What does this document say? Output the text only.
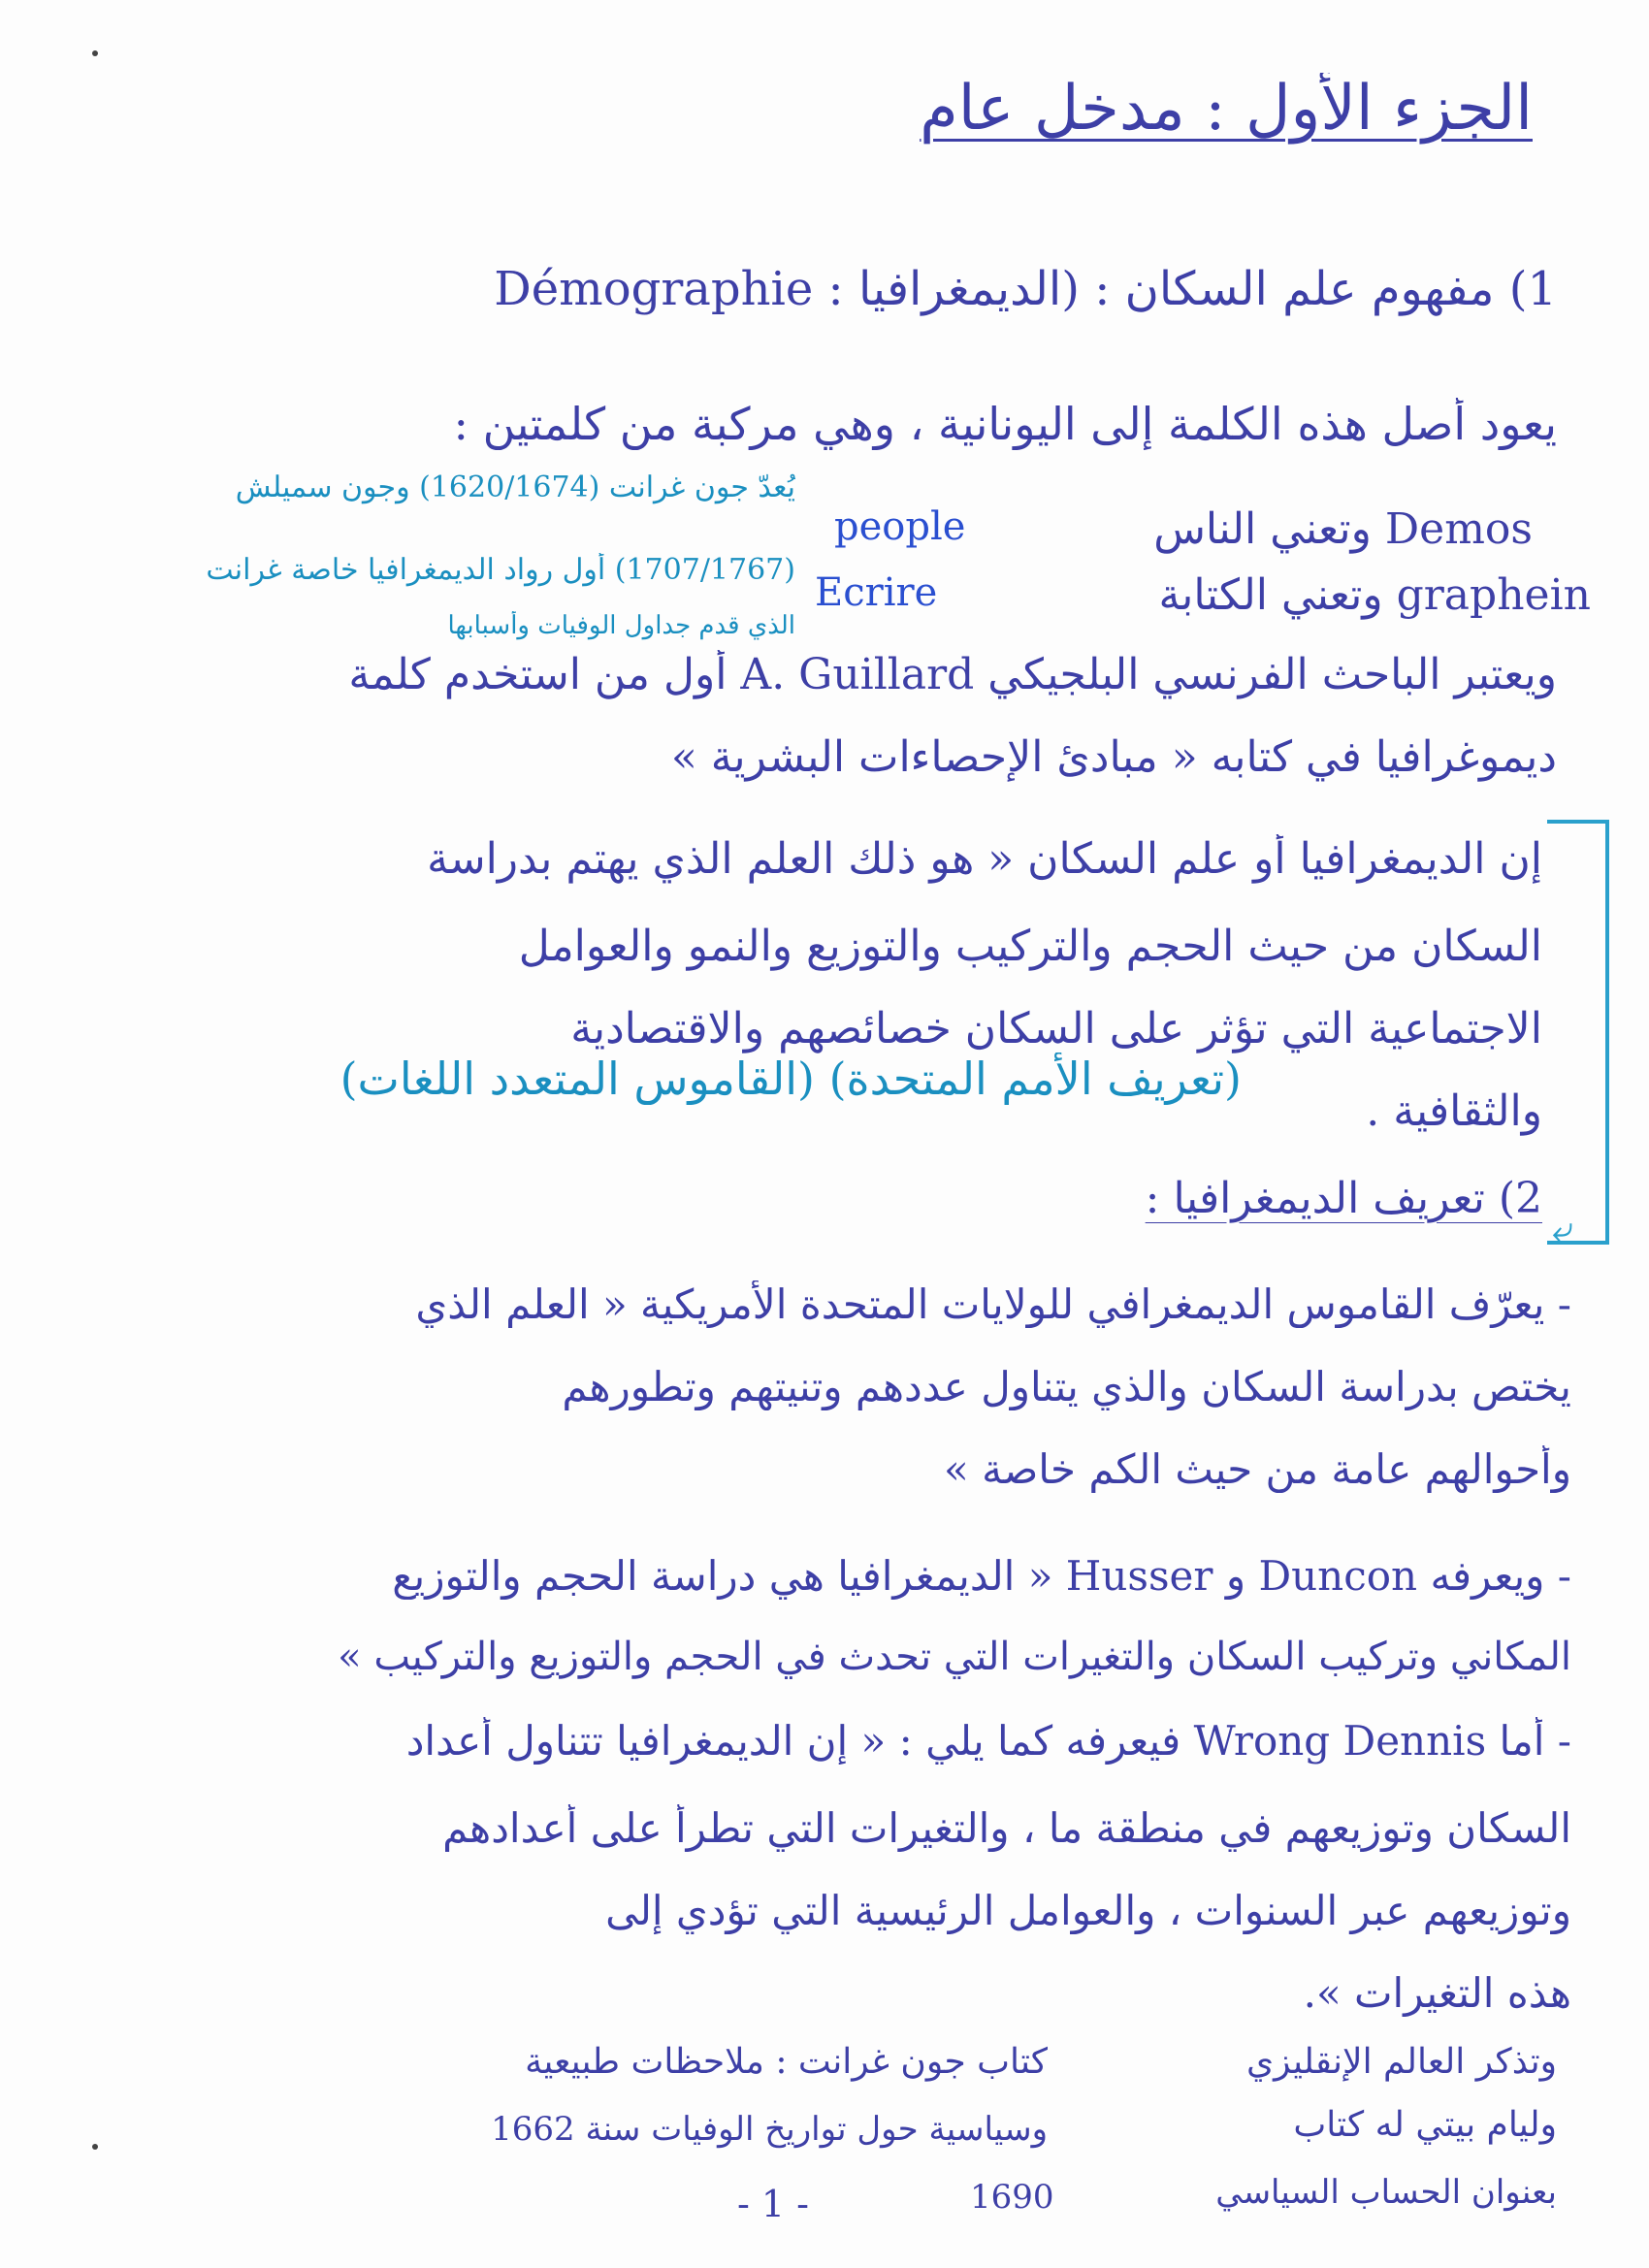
الجزء الأول : مدخل عام
1) مفهوم علم السكان : (الديمغرافيا : Démographie
يعود أصل هذه الكلمة إلى اليونانية ، وهي مركبة من كلمتين :
يُعدّ جون غرانت (1620/1674) وجون سميلش
(1707/1767) أول رواد الديمغرافيا خاصة غرانت
الذي قدم جداول الوفيات وأسبابها
people
Ecrire
Demos وتعني الناس
graphein وتعني الكتابة
ويعتبر الباحث الفرنسي البلجيكي A. Guillard أول من استخدم كلمة
ديموغرافيا في كتابه « مبادئ الإحصاءات البشرية »
⤶
إن الديمغرافيا أو علم السكان « هو ذلك العلم الذي يهتم بدراسة
السكان من حيث الحجم والتركيب والتوزيع والنمو والعوامل
الاجتماعية التي تؤثر على السكان خصائصهم والاقتصادية
والثقافية .
(تعريف الأمم المتحدة) (القاموس المتعدد اللغات)
2) تعريف الديمغرافيا :
- يعرّف القاموس الديمغرافي للولايات المتحدة الأمريكية « العلم الذي
يختص بدراسة السكان والذي يتناول عددهم وتنيتهم وتطورهم
وأحوالهم عامة من حيث الكم خاصة »
- ويعرفه Duncon و Husser « الديمغرافيا هي دراسة الحجم والتوزيع
المكاني وتركيب السكان والتغيرات التي تحدث في الحجم والتوزيع والتركيب »
- أما Wrong Dennis فيعرفه كما يلي : « إن الديمغرافيا تتناول أعداد
السكان وتوزيعهم في منطقة ما ، والتغيرات التي تطرأ على أعدادهم
وتوزيعهم عبر السنوات ، والعوامل الرئيسية التي تؤدي إلى
هذه التغيرات ».
وتذكر العالم الإنقليزي
وليام بيتي له كتاب
بعنوان الحساب السياسي
كتاب جون غرانت : ملاحظات طبيعية
وسياسية حول تواريخ الوفيات سنة 1662
1690
- 1 -
